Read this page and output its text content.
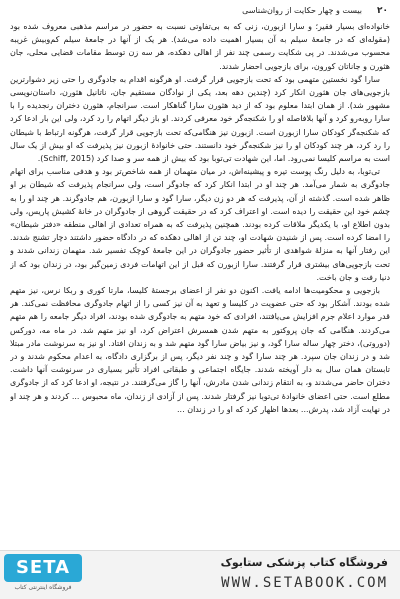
۲۰
بیست و چهار حکایت از روان‌شناسی

خانواده‌ای بسیار فقیر؛ و سارا ازبورن، زنی که به بی‌تفاوتی نسبت به حضور در مراسم مذهبی معروف شده بود (مقوله‌ای که در جامعهٔ سیلم به آن بسیار اهمیت داده می‌شد). هر یک از آنها در جامعهٔ سیلم کم‌وبیش غریبه محسوب می‌شدند. در پی شکایت رسمی چند نفر از اهالی دهکده، هر سه زن توسط مقامات قضایی محلی، جان هثورن و جاناتان کورون، برای بازجویی احضار شدند.

سارا گود نخستین متهمی بود که تحت بازجویی قرار گرفت. او هرگونه اقدام به جادوگری را حتی زیر دشوارترین بازجویی‌های جان هثورن انکار کرد (چندین دهه بعد، یکی از نوادگان مستقیم جان، ناتانیل هثورن، داستان‌نویسی مشهور شد). از همان ابتدا معلوم بود که از دید هثورن سارا گناهکار است. سرانجام، هثورن دختران رنجدیده را با سارا روبه‌رو کرد و آنها بلافاصله او را شکنجه‌گر خود معرفی کردند. او باز دیگر اتهام را رد کرد، ولی این بار ادعا کرد که شکنجه‌گر کودکان سارا ازبورن است. ازبورن نیز هنگامی‌که تحت بازجویی قرار گرفت، هرگونه ارتباط با شیطان را رد کرد، هر چند کودکان او را نیز شکنجه‌گر خود دانستند. حتی خانوادهٔ ازبورن نیز پذیرفت که او بیش از یک سال است به مراسم کلیسا نمی‌رود. اما، این شهادت تی‌توبا بود که بیش از همه سر و صدا کرد (Schiff, 2015).

تی‌توبا، به دلیل رنگ پوست تیره و پیشینه‌اش، در میان متهمان از همه شاخص‌تر بود و هدفی مناسب برای اتهام جادوگری به شمار می‌آمد. هر چند او در ابتدا انکار کرد که جادوگر است، ولی سرانجام پذیرفت که شیطان بر او ظاهر شده است. گذشته از آن، پذیرفت که هر دو زن دیگر، سارا گود و سارا ازبورن، هم جادوگرند. هر چند او را به چشم خود این حقیقت را دیده است. او اعتراف کرد که در حقیقت گروهی از جادوگران در خانهٔ کشیش پاریس، ولی بدون اطلاع او، با یکدیگر ملاقات کرده بودند. همچنین پذیرفت که به همراه تعدادی از اهالی منطقه «دفتر شیطان» را امضا کرده است. پس از شنیدن شهادت او، چند تن از اهالی دهکده که در دادگاه حضور داشتند دچار تشنج شدند. این رفتار آنها به منزلهٔ شواهدی از تأثیر حضور جادوگران در این جامعهٔ کوچک تفسیر شد. متهمان زندانی شدند و تحت بازجویی‌های بیشتری قرار گرفتند. سارا ازبورن که قبل از این اتهامات فردی زمین‌گیر بود، در زندان بود که از دنیا رفت و جان باخت.

بازجویی و محکومیت‌ها ادامه یافت. اکنون دو نفر از اعضای برجستهٔ کلیسا، مارتا کوری و ربکا نرس، نیز متهم شده بودند. آشکار بود که حتی عضویت در کلیسا و تعهد به آن نیز کسی را از اتهام جادوگری محافظت نمی‌کند. هر قدر موارد اعلام جرم افزایش می‌یافتند، افرادی که خود متهم به جادوگری شده بودند، افراد دیگر جامعه را هم متهم می‌کردند. هنگامی که جان پروکتور به متهم شدن همسرش اعتراض کرد، او نیز متهم شد. در ماه مه، دورکس (دوروتی)، دختر چهار ساله سارا گود، و نیز بیاض سارا گود متهم شد و به زندان افتاد. او نیز به سرنوشت مادر مبتلا شد و در زندان جان سپرد. هر چند سارا گود و چند نفر دیگر، پس از برگزاری دادگاه، به اعدام محکوم شدند و در تابستان همان سال به دار آویخته شدند. جایگاه اجتماعی و طبقاتی افراد تأثیر بسیاری در سرنوشت آنها داشت. دختران حاضر می‌شدند و، به انتقام زندانی شدن مادرش، آنها را گاز می‌گرفتند. در نتیجه، او ادعا کرد که از جادوگری مطلع است. حتی اعضای خانوادهٔ تی‌توبا نیز گرفتار شدند. پس از آزادی از زندان، ماه محبوس ... کردند و هر چند او در نهایت آزاد شد، پدرش... بعدها اظهار کرد که او را در زندان ...

SETA
فروشگاه اینترنتی کتاب
فروشگاه کتاب پزشکی ستابوک
WWW.SETABOOK.COM
